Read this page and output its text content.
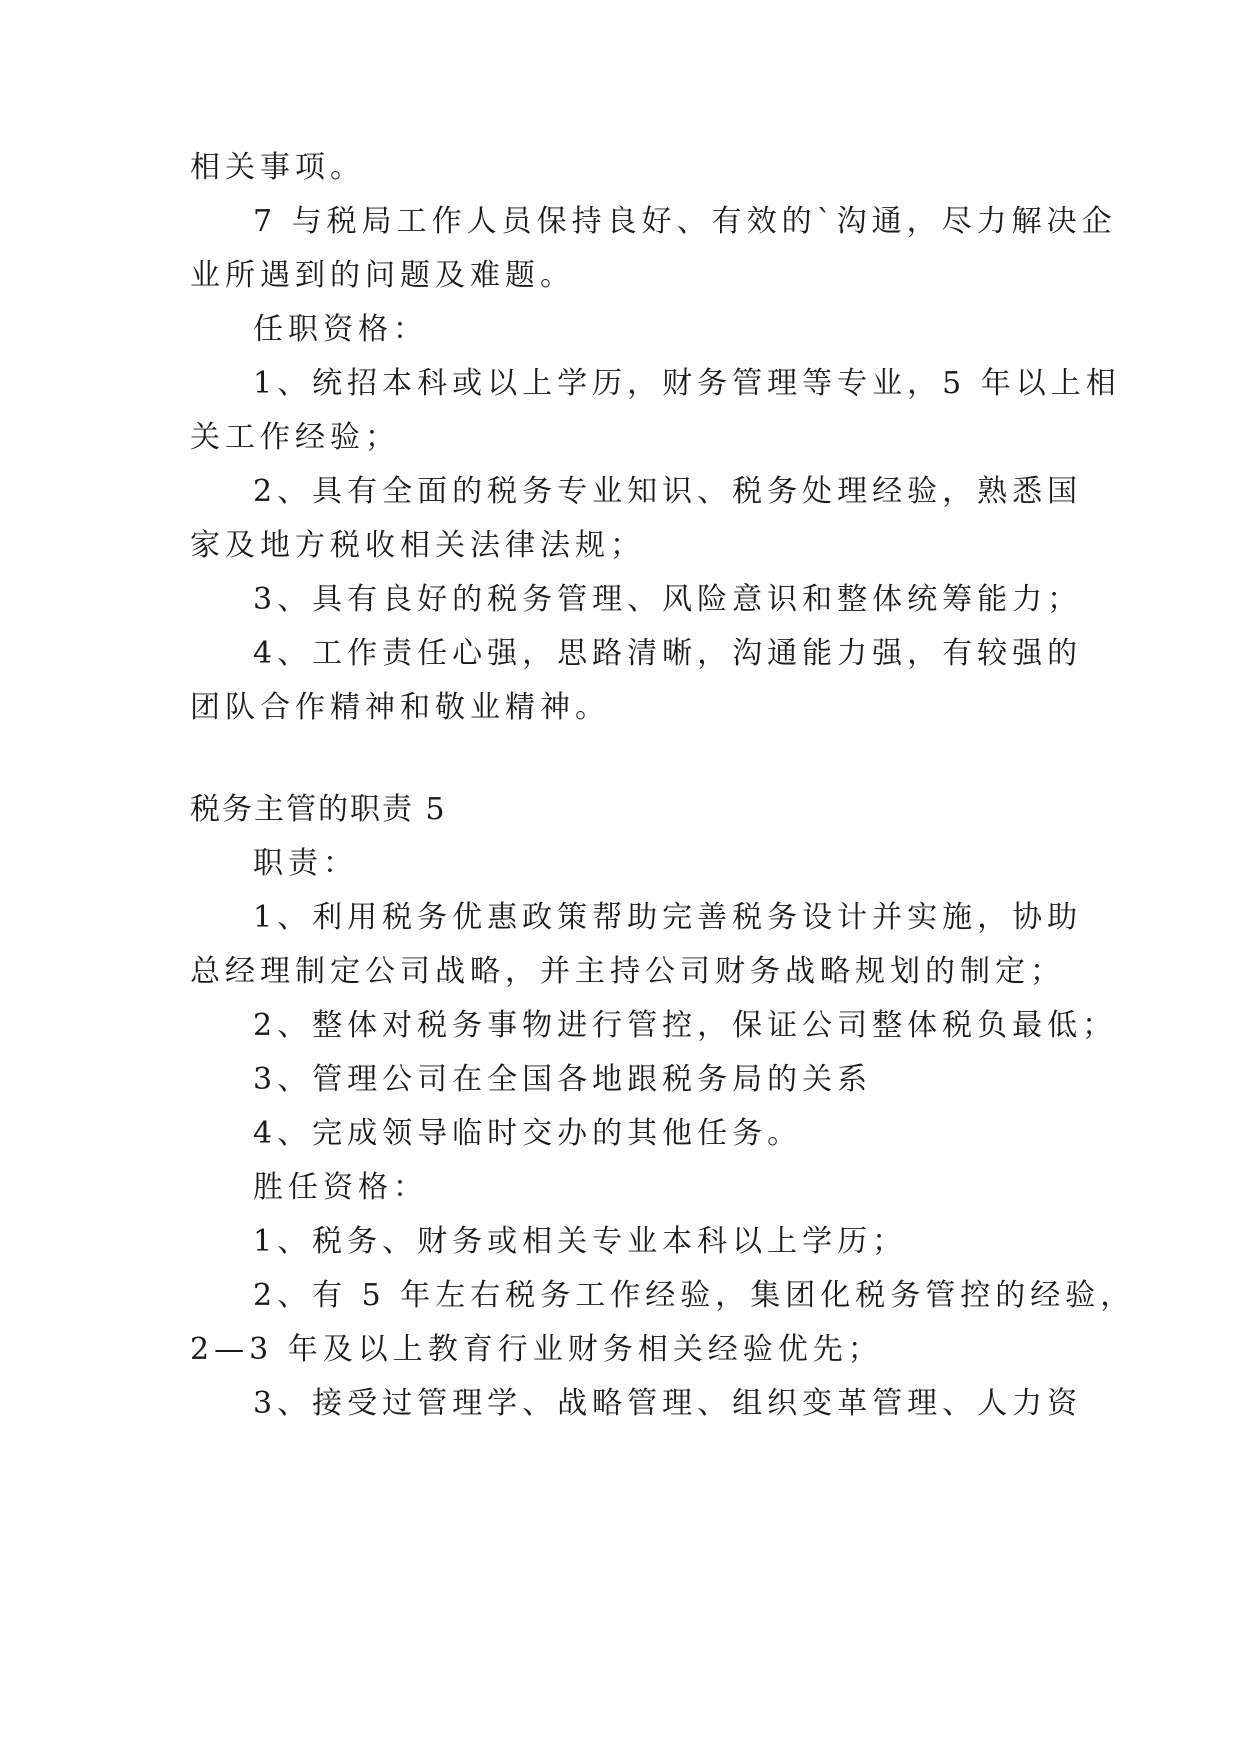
相关事项。
7 与税局工作人员保持良好、有效的`沟通，尽力解决企
业所遇到的问题及难题。
任职资格：
1、统招本科或以上学历，财务管理等专业，5 年以上相
关工作经验；
2、具有全面的税务专业知识、税务处理经验，熟悉国
家及地方税收相关法律法规；
3、具有良好的税务管理、风险意识和整体统筹能力；
4、工作责任心强，思路清晰，沟通能力强，有较强的
团队合作精神和敬业精神。
税务主管的职责 5
职责：
1、利用税务优惠政策帮助完善税务设计并实施，协助
总经理制定公司战略，并主持公司财务战略规划的制定；
2、整体对税务事物进行管控，保证公司整体税负最低；
3、管理公司在全国各地跟税务局的关系
4、完成领导临时交办的其他任务。
胜任资格：
1、税务、财务或相关专业本科以上学历；
2、有 5 年左右税务工作经验，集团化税务管控的经验，
2—3 年及以上教育行业财务相关经验优先；
3、接受过管理学、战略管理、组织变革管理、人力资
